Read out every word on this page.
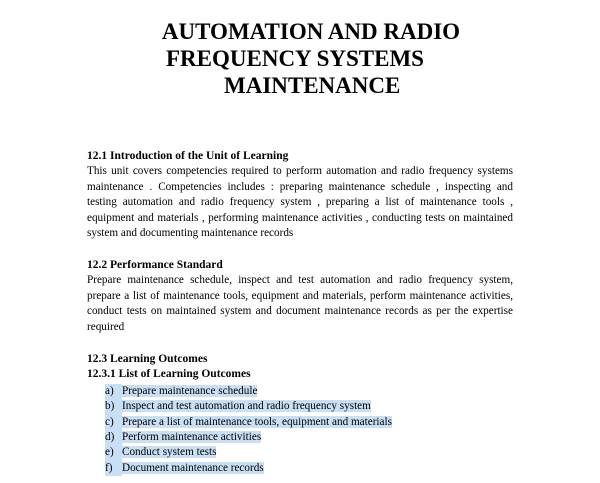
AUTOMATION AND RADIO
FREQUENCY SYSTEMS
MAINTENANCE

12.1 Introduction of the Unit of Learning

This unit covers competencies required to perform automation and radio frequency systems maintenance . Competencies includes : preparing maintenance schedule , inspecting and testing automation and radio frequency system , preparing a list of maintenance tools , equipment and materials , performing maintenance activities , conducting tests on maintained system and documenting maintenance records

12.2 Performance Standard

Prepare maintenance schedule, inspect and test automation and radio frequency system, prepare a list of maintenance tools, equipment and materials, perform maintenance activities, conduct tests on maintained system and document maintenance records as per the expertise required

12.3 Learning Outcomes

12.3.1 List of Learning Outcomes

a) Prepare maintenance schedule
b) Inspect and test automation and radio frequency system
c) Prepare a list of maintenance tools, equipment and materials
d) Perform maintenance activities
e) Conduct system tests
f) Document maintenance records
